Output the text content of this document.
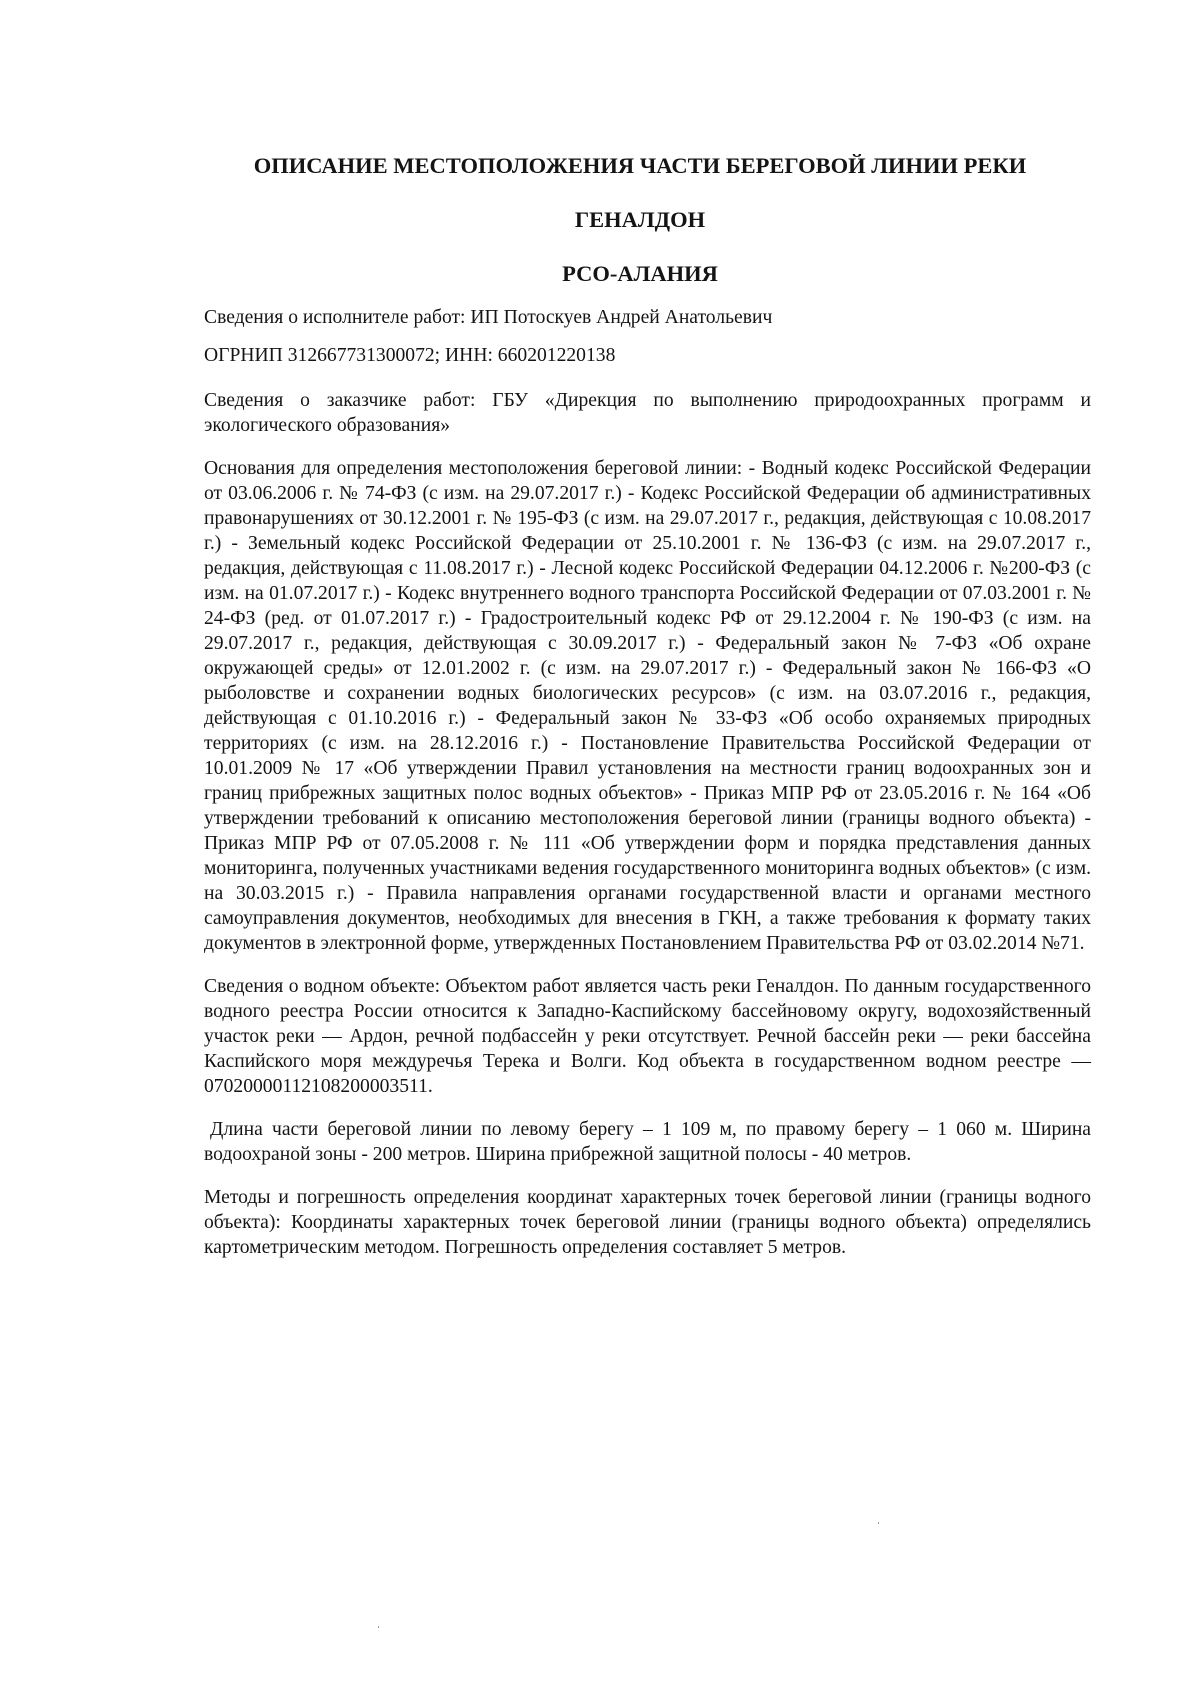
ОПИСАНИЕ МЕСТОПОЛОЖЕНИЯ ЧАСТИ БЕРЕГОВОЙ ЛИНИИ РЕКИ

ГЕНАЛДОН

РСО-АЛАНИЯ

Сведения о исполнителе работ: ИП Потоскуев Андрей Анатольевич

ОГРНИП 312667731300072; ИНН: 660201220138

Сведения о заказчике работ: ГБУ «Дирекция по выполнению природоохранных программ и экологического образования»

Основания для определения местоположения береговой линии: - Водный кодекс Российской Федерации от 03.06.2006 г. № 74-ФЗ (с изм. на 29.07.2017 г.) - Кодекс Российской Федерации об административных правонарушениях от 30.12.2001 г. № 195-ФЗ (с изм. на 29.07.2017 г., редакция, действующая с 10.08.2017 г.) - Земельный кодекс Российской Федерации от 25.10.2001 г. № 136-ФЗ (с изм. на 29.07.2017 г., редакция, действующая с 11.08.2017 г.) - Лесной кодекс Российской Федерации 04.12.2006 г. №200-ФЗ (с изм. на 01.07.2017 г.) - Кодекс внутреннего водного транспорта Российской Федерации от 07.03.2001 г. № 24-ФЗ (ред. от 01.07.2017 г.) - Градостроительный кодекс РФ от 29.12.2004 г. № 190-ФЗ (с изм. на 29.07.2017 г., редакция, действующая с 30.09.2017 г.) - Федеральный закон № 7-ФЗ «Об охране окружающей среды» от 12.01.2002 г. (с изм. на 29.07.2017 г.) - Федеральный закон № 166-ФЗ «О рыболовстве и сохранении водных биологических ресурсов» (с изм. на 03.07.2016 г., редакция, действующая с 01.10.2016 г.) - Федеральный закон № 33-ФЗ «Об особо охраняемых природных территориях (с изм. на 28.12.2016 г.) - Постановление Правительства Российской Федерации от 10.01.2009 № 17 «Об утверждении Правил установления на местности границ водоохранных зон и границ прибрежных защитных полос водных объектов» - Приказ МПР РФ от 23.05.2016 г. № 164 «Об утверждении требований к описанию местоположения береговой линии (границы водного объекта) - Приказ МПР РФ от 07.05.2008 г. № 111 «Об утверждении форм и порядка представления данных мониторинга, полученных участниками ведения государственного мониторинга водных объектов» (с изм. на 30.03.2015 г.) - Правила направления органами государственной власти и органами местного самоуправления документов, необходимых для внесения в ГКН, а также требования к формату таких документов в электронной форме, утвержденных Постановлением Правительства РФ от 03.02.2014 №71.

Сведения о водном объекте: Объектом работ является часть реки Геналдон. По данным государственного водного реестра России относится к Западно-Каспийскому бассейновому округу, водохозяйственный участок реки — Ардон, речной подбассейн у реки отсутствует. Речной бассейн реки — реки бассейна Каспийского моря междуречья Терека и Волги. Код объекта в государственном водном реестре — 07020000112108200003511.

Длина части береговой линии по левому берегу – 1 109 м, по правому берегу – 1 060 м. Ширина водоохраной зоны - 200 метров. Ширина прибрежной защитной полосы - 40 метров.

Методы и погрешность определения координат характерных точек береговой линии (границы водного объекта): Координаты характерных точек береговой линии (границы водного объекта) определялись картометрическим методом. Погрешность определения составляет 5 метров.
